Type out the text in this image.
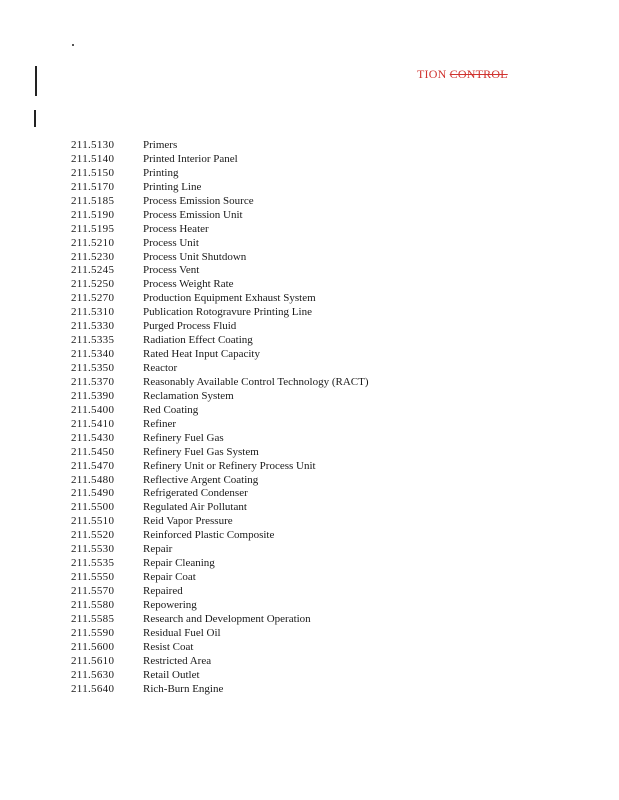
TION CONTROL
211.5130	Primers
211.5140	Printed Interior Panel
211.5150	Printing
211.5170	Printing Line
211.5185	Process Emission Source
211.5190	Process Emission Unit
211.5195	Process Heater
211.5210	Process Unit
211.5230	Process Unit Shutdown
211.5245	Process Vent
211.5250	Process Weight Rate
211.5270	Production Equipment Exhaust System
211.5310	Publication Rotogravure Printing Line
211.5330	Purged Process Fluid
211.5335	Radiation Effect Coating
211.5340	Rated Heat Input Capacity
211.5350	Reactor
211.5370	Reasonably Available Control Technology (RACT)
211.5390	Reclamation System
211.5400	Red Coating
211.5410	Refiner
211.5430	Refinery Fuel Gas
211.5450	Refinery Fuel Gas System
211.5470	Refinery Unit or Refinery Process Unit
211.5480	Reflective Argent Coating
211.5490	Refrigerated Condenser
211.5500	Regulated Air Pollutant
211.5510	Reid Vapor Pressure
211.5520	Reinforced Plastic Composite
211.5530	Repair
211.5535	Repair Cleaning
211.5550	Repair Coat
211.5570	Repaired
211.5580	Repowering
211.5585	Research and Development Operation
211.5590	Residual Fuel Oil
211.5600	Resist Coat
211.5610	Restricted Area
211.5630	Retail Outlet
211.5640	Rich-Burn Engine
